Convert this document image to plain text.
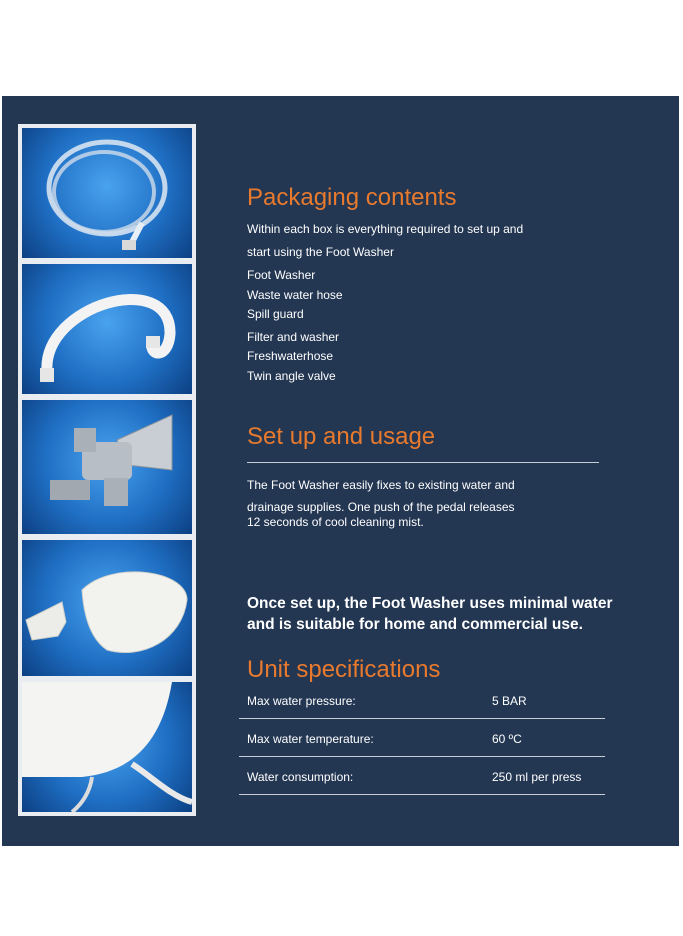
Packaging contents

Within each box is everything required to set up and

start using the Foot Washer

Foot Washer

Waste water hose

Spill guard

Filter and washer

Freshwaterhose

Twin angle valve

Set up and usage

The Foot Washer easily fixes to existing water and

drainage supplies. One push of the pedal releases

12 seconds of cool cleaning mist.

Once set up, the Foot Washer uses minimal water
and is suitable for home and commercial use.
Unit specifications
Max water pressure:	5 BAR
Max water temperature:	60 ºC
Water consumption:	250 ml per press
